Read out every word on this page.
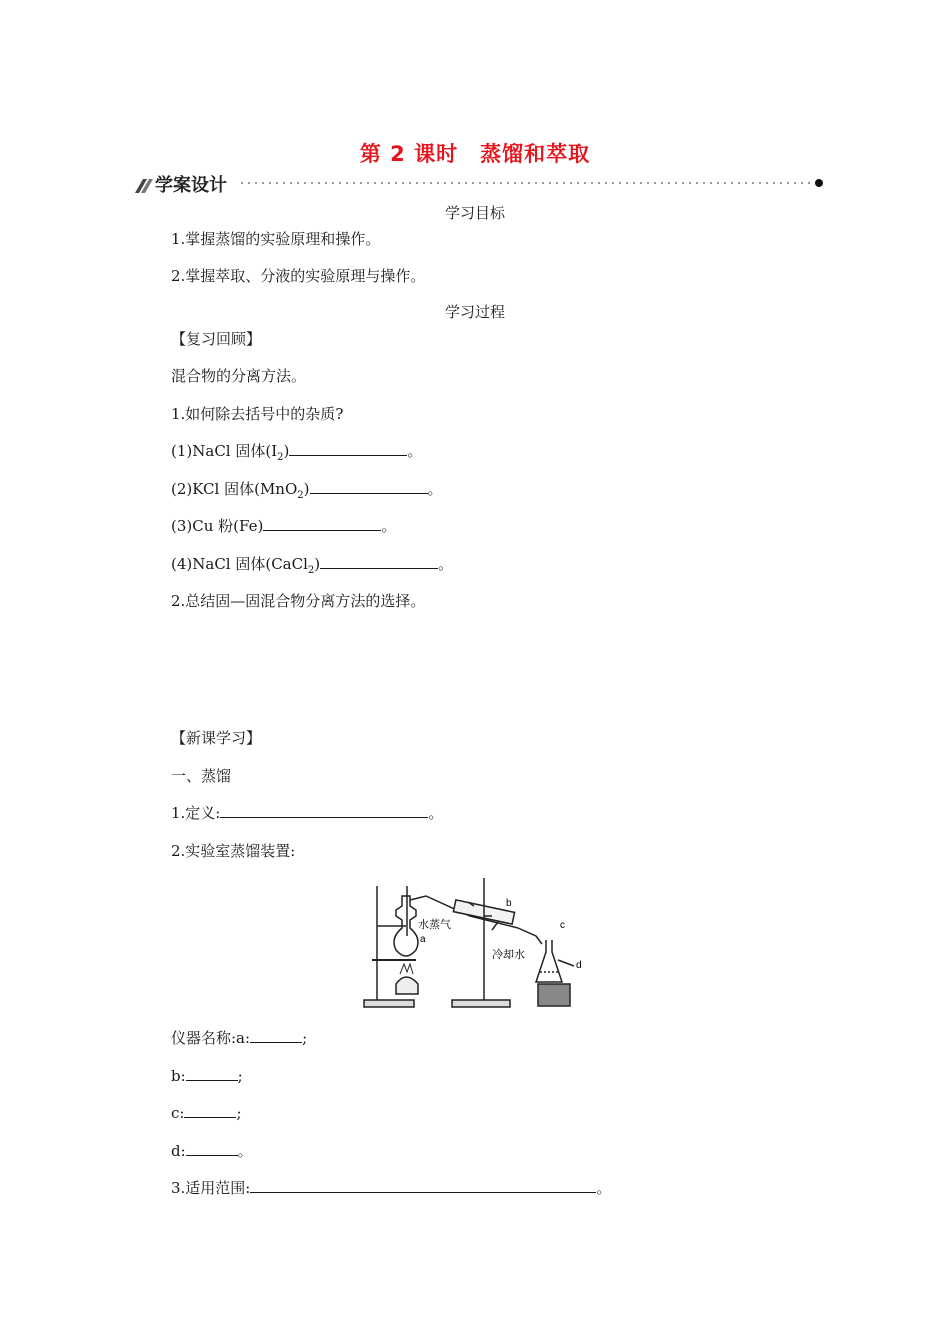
第 2 课时　蒸馏和萃取
学案设计
学习目标
1.掌握蒸馏的实验原理和操作。
2.掌握萃取、分液的实验原理与操作。
学习过程
【复习回顾】
混合物的分离方法。
1.如何除去括号中的杂质?
(1)NaCl 固体$(I_2)$	。
(2)KCl 固体(MnO$_2$)	。
(3)Cu 粉(Fe)	。
(4)NaCl 固体(CaCl$_2$)	。
2.总结固—固混合物分离方法的选择。
【新课学习】
一、蒸馏
1.定义:	。
2.实验室蒸馏装置:
水蒸气
a
冷却水
b
c
d
仪器名称:a:	;
b:	;
c:	;
d:	。
3.适用范围:	。
